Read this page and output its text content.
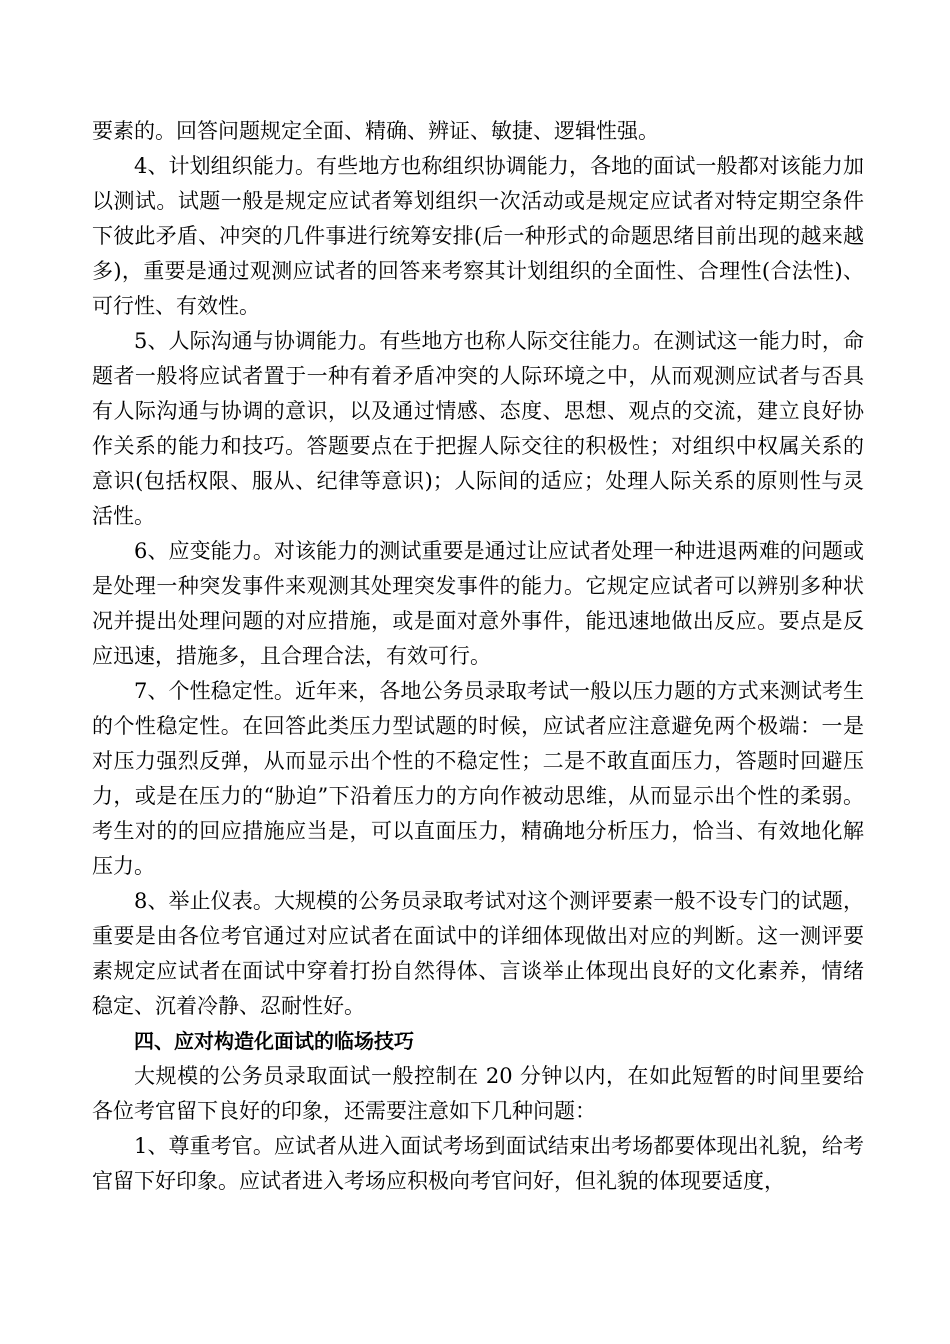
要素的。回答问题规定全面、精确、辨证、敏捷、逻辑性强。

4、计划组织能力。有些地方也称组织协调能力，各地的面试一般都对该能力加以测试。试题一般是规定应试者筹划组织一次活动或是规定应试者对特定期空条件下彼此矛盾、冲突的几件事进行统筹安排(后一种形式的命题思绪目前出现的越来越多)，重要是通过观测应试者的回答来考察其计划组织的全面性、合理性(合法性)、可行性、有效性。

5、人际沟通与协调能力。有些地方也称人际交往能力。在测试这一能力时，命题者一般将应试者置于一种有着矛盾冲突的人际环境之中，从而观测应试者与否具有人际沟通与协调的意识，以及通过情感、态度、思想、观点的交流，建立良好协作关系的能力和技巧。答题要点在于把握人际交往的积极性；对组织中权属关系的意识(包括权限、服从、纪律等意识)；人际间的适应；处理人际关系的原则性与灵活性。

6、应变能力。对该能力的测试重要是通过让应试者处理一种进退两难的问题或是处理一种突发事件来观测其处理突发事件的能力。它规定应试者可以辨别多种状况并提出处理问题的对应措施，或是面对意外事件，能迅速地做出反应。要点是反应迅速，措施多，且合理合法，有效可行。

7、个性稳定性。近年来，各地公务员录取考试一般以压力题的方式来测试考生的个性稳定性。在回答此类压力型试题的时候，应试者应注意避免两个极端：一是对压力强烈反弹，从而显示出个性的不稳定性；二是不敢直面压力，答题时回避压力，或是在压力的“胁迫”下沿着压力的方向作被动思维，从而显示出个性的柔弱。考生对的的回应措施应当是，可以直面压力，精确地分析压力，恰当、有效地化解压力。

8、举止仪表。大规模的公务员录取考试对这个测评要素一般不设专门的试题，重要是由各位考官通过对应试者在面试中的详细体现做出对应的判断。这一测评要素规定应试者在面试中穿着打扮自然得体、言谈举止体现出良好的文化素养，情绪稳定、沉着冷静、忍耐性好。

四、应对构造化面试的临场技巧

大规模的公务员录取面试一般控制在 20 分钟以内，在如此短暂的时间里要给各位考官留下良好的印象，还需要注意如下几种问题：

1、尊重考官。应试者从进入面试考场到面试结束出考场都要体现出礼貌，给考官留下好印象。应试者进入考场应积极向考官问好，但礼貌的体现要适度，
